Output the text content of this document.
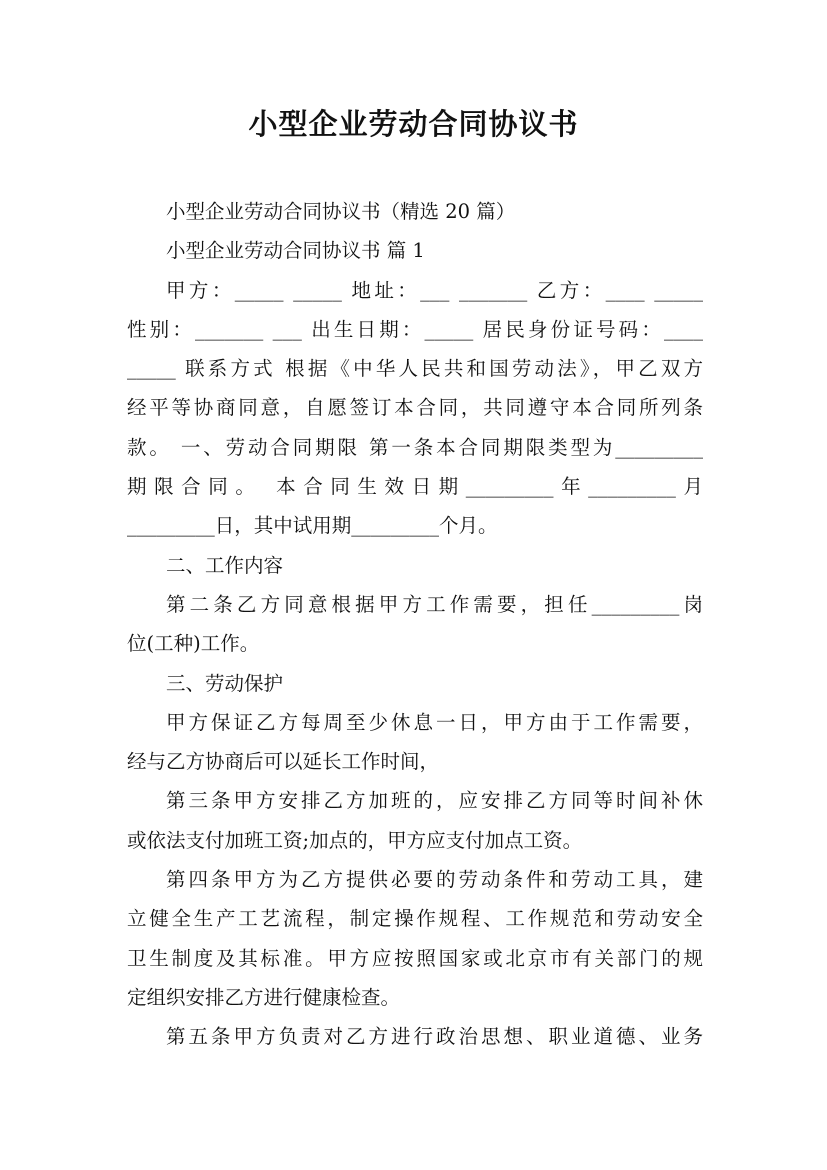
小型企业劳动合同协议书
小型企业劳动合同协议书（精选 20 篇）
小型企业劳动合同协议书 篇 1
甲方：_____ _____ 地址：___ _______ 乙方：____ _____
性别：_______ ___ 出生日期：_____ 居民身份证号码：____
_____ 联系方式 根据《中华人民共和国劳动法》，甲乙双方
经平等协商同意，自愿签订本合同，共同遵守本合同所列条
款。 一、劳动合同期限 第一条本合同期限类型为_________
期限合同。 本合同生效日期_________年_________月
_________日，其中试用期_________个月。
二、工作内容
第二条乙方同意根据甲方工作需要，担任_________岗
位(工种)工作。
三、劳动保护
甲方保证乙方每周至少休息一日，甲方由于工作需要，
经与乙方协商后可以延长工作时间，
第三条甲方安排乙方加班的，应安排乙方同等时间补休
或依法支付加班工资;加点的，甲方应支付加点工资。
第四条甲方为乙方提供必要的劳动条件和劳动工具，建
立健全生产工艺流程，制定操作规程、工作规范和劳动安全
卫生制度及其标准。甲方应按照国家或北京市有关部门的规
定组织安排乙方进行健康检查。
第五条甲方负责对乙方进行政治思想、职业道德、业务
